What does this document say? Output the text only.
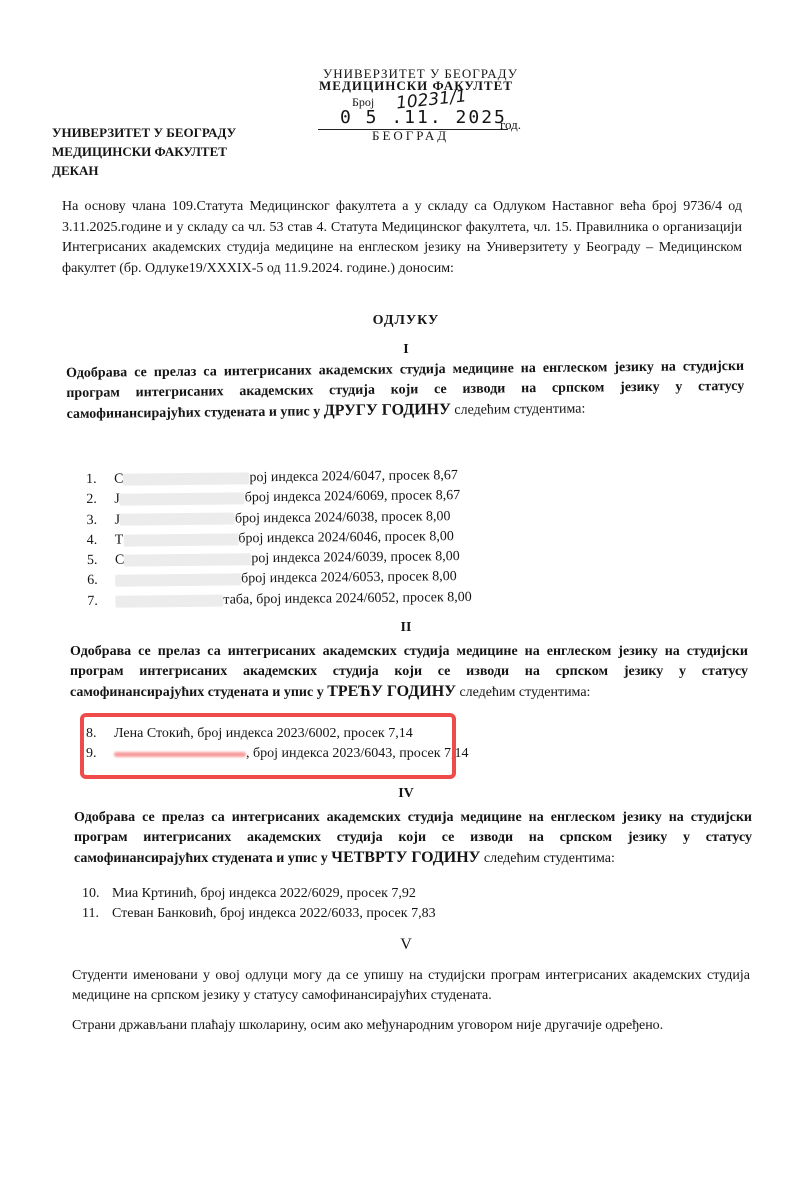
УНИВЕРЗИТЕТ У БЕОГРАДУ
МЕДИЦИНСКИ ФАКУЛТЕТ
Број 10231/1
0 5 .11. 2025
год.
БЕОГРАД
УНИВЕРЗИТЕТ У БЕОГРАДУ
МЕДИЦИНСКИ ФАКУЛТЕТ
ДЕКАН
На основу члана 109.Статута Медицинског факултета а у складу са Одлуком Наставног већа број 9736/4 од 3.11.2025.године и у складу са чл. 53 став 4. Статута Медицинског факултета, чл. 15. Правилника о организацији Интегрисаних академских студија медицине на енглеском језику на Универзитету у Београду – Медицинском факултет (бр. Одлуке19/XXXIX-5 од 11.9.2024. године.) доносим:
ОДЛУКУ
I
Одобрава се прелаз са интегрисаних академских студија медицине на енглеском језику на студијски програм интегрисаних академских студија који се изводи на српском језику у статусу самофинансирајућих студената и упис у ДРУГУ ГОДИНУ следећим студентима:
1. С	рој индекса 2024/6047, просек 8,67
2. Ј	број индекса 2024/6069, просек 8,67
3. Ј	број индекса 2024/6038, просек 8,00
4. Т	број индекса 2024/6046, просек 8,00
5. С	рој индекса 2024/6039, просек 8,00
6.	број индекса 2024/6053, просек 8,00
7.	таба, број индекса 2024/6052, просек 8,00
II
Одобрава се прелаз са интегрисаних академских студија медицине на енглеском језику на студијски програм интегрисаних академских студија који се изводи на српском језику у статусу самофинансирајућих студената и упис у ТРЕЋУ ГОДИНУ следећим студентима:
8. Лена Стокић, број индекса 2023/6002, просек 7,14
9.	, број индекса 2023/6043, просек 7,14
IV
Одобрава се прелаз са интегрисаних академских студија медицине на енглеском језику на студијски програм интегрисаних академских студија који се изводи на српском језику у статусу самофинансирајућих студената и упис у ЧЕТВРТУ ГОДИНУ следећим студентима:
10. Миа Кртинић, број индекса 2022/6029, просек 7,92
11. Стеван Банковић, број индекса 2022/6033, просек 7,83
V
Студенти именовани у овој одлуци могу да се упишу на студијски програм интегрисаних академских студија медицине на српском језику у статусу самофинансирајућих студената.
Страни држављани плаћају школарину, осим ако међународним уговором није другачије одређено.
